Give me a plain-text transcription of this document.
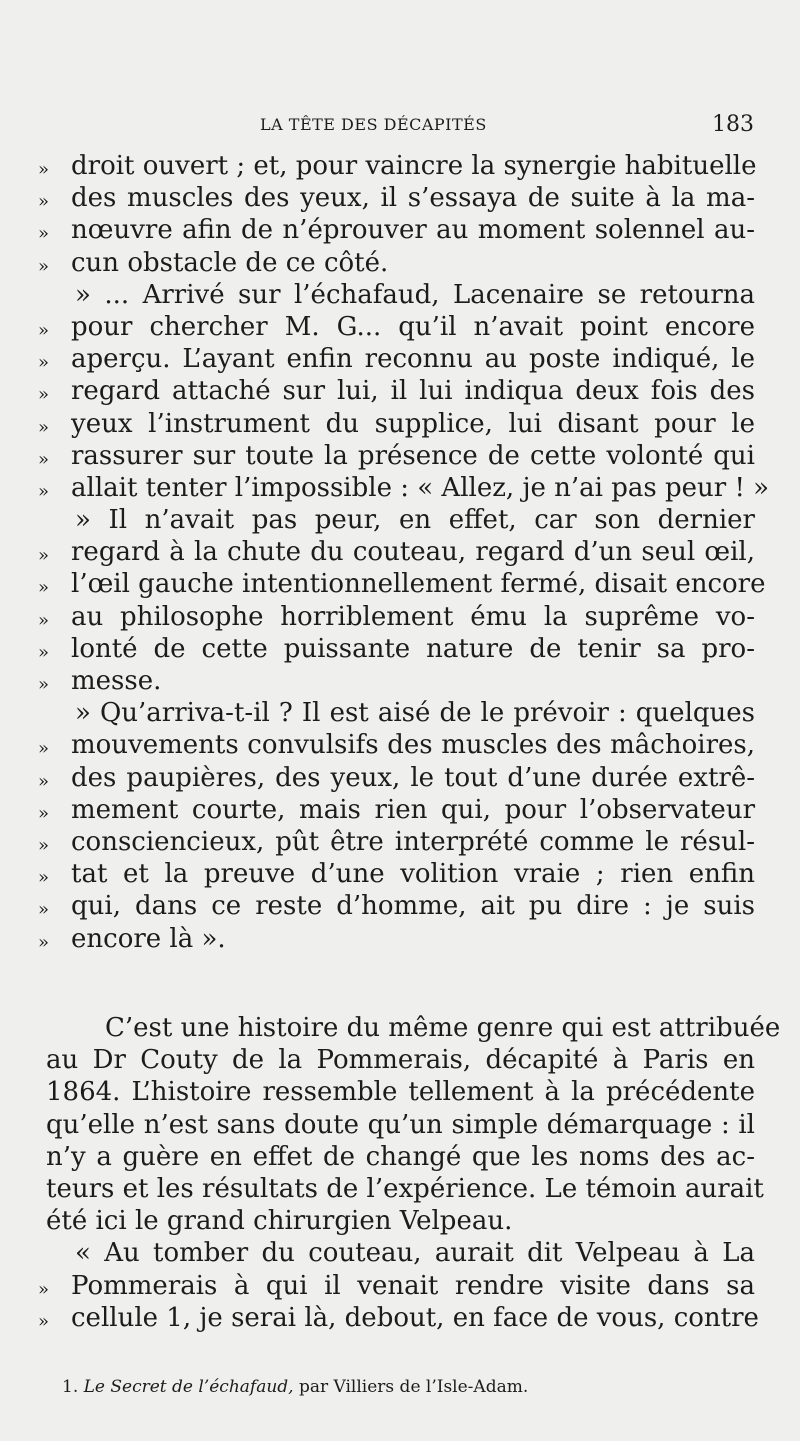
LA TÊTE DES DÉCAPITÉS	183
» droit ouvert ; et, pour vaincre la synergie habituelle
» des muscles des yeux, il s’essaya de suite à la ma-
» nœuvre afin de n’éprouver au moment solennel au-
» cun obstacle de ce côté.
» ... Arrivé sur l’échafaud, Lacenaire se retourna
» pour chercher M. G... qu’il n’avait point encore
» aperçu. L’ayant enfin reconnu au poste indiqué, le
» regard attaché sur lui, il lui indiqua deux fois des
» yeux l’instrument du supplice, lui disant pour le
» rassurer sur toute la présence de cette volonté qui
» allait tenter l’impossible : « Allez, je n’ai pas peur ! »
» Il n’avait pas peur, en effet, car son dernier
» regard à la chute du couteau, regard d’un seul œil,
» l’œil gauche intentionnellement fermé, disait encore
» au philosophe horriblement ému la suprême vo-
» lonté de cette puissante nature de tenir sa pro-
» messe.
» Qu’arriva-t-il ? Il est aisé de le prévoir : quelques
» mouvements convulsifs des muscles des mâchoires,
» des paupières, des yeux, le tout d’une durée extrê-
» mement courte, mais rien qui, pour l’observateur
» consciencieux, pût être interprété comme le résul-
» tat et la preuve d’une volition vraie ; rien enfin
» qui, dans ce reste d’homme, ait pu dire : je suis
» encore là ».
C’est une histoire du même genre qui est attribuée
au Dr Couty de la Pommerais, décapité à Paris en
1864. L’histoire ressemble tellement à la précédente
qu’elle n’est sans doute qu’un simple démarquage : il
n’y a guère en effet de changé que les noms des ac-
teurs et les résultats de l’expérience. Le témoin aurait
été ici le grand chirurgien Velpeau.
« Au tomber du couteau, aurait dit Velpeau à La
» Pommerais à qui il venait rendre visite dans sa
» cellule 1, je serai là, debout, en face de vous, contre
1. Le Secret de l’échafaud, par Villiers de l’Isle-Adam.
